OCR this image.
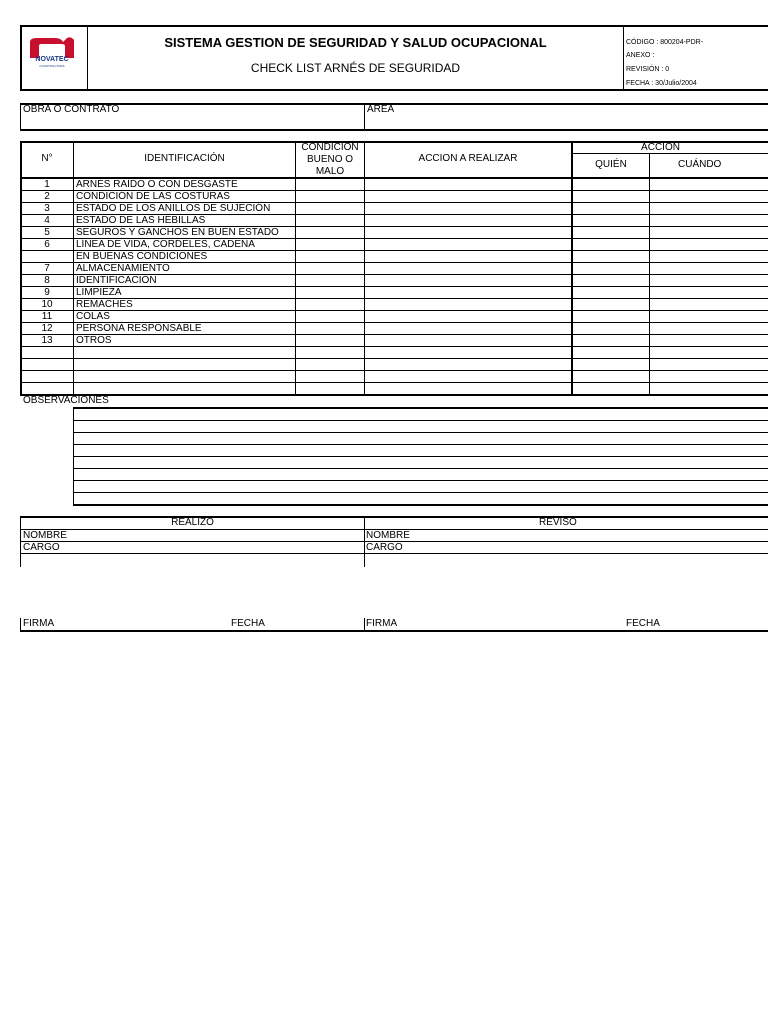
NOVATEC
CONSTRUCTORA
SISTEMA GESTION DE SEGURIDAD Y SALUD OCUPACIONAL
CHECK LIST ARNÉS DE SEGURIDAD
CÓDIGO : 800204-PDR-
ANEXO :
REVISIÓN : 0
FECHA : 30/Julio/2004
OBRA O CONTRATO	ÁREA
N°	IDENTIFICACIÓN
CONDICIÓN
BUENO O
MALO
ACCION A REALIZAR
ACCIÓN
QUIÉN	CUÁNDO
1	ARNÉS RAÍDO O CON DESGASTE
2	CONDICIÓN DE LAS COSTURAS
3	ESTADO DE LOS ANILLOS DE SUJECIÓN
4	ESTADO DE LAS HEBILLAS
5	SEGUROS Y GANCHOS EN BUEN ESTADO
6	LÍNEA DE VIDA, CORDELES, CADENA
EN BUENAS CONDICIONES
7	ALMACENAMIENTO
8	IDENTIFICACIÓN
9	LIMPIEZA
10	REMACHES
11	COLAS
12	PERSONA RESPONSABLE
13	OTROS
OBSERVACIONES
REALIZÓ	REVISÓ
NOMBRE	NOMBRE
CARGO	CARGO
FIRMA	FECHA	FIRMA	FECHA
